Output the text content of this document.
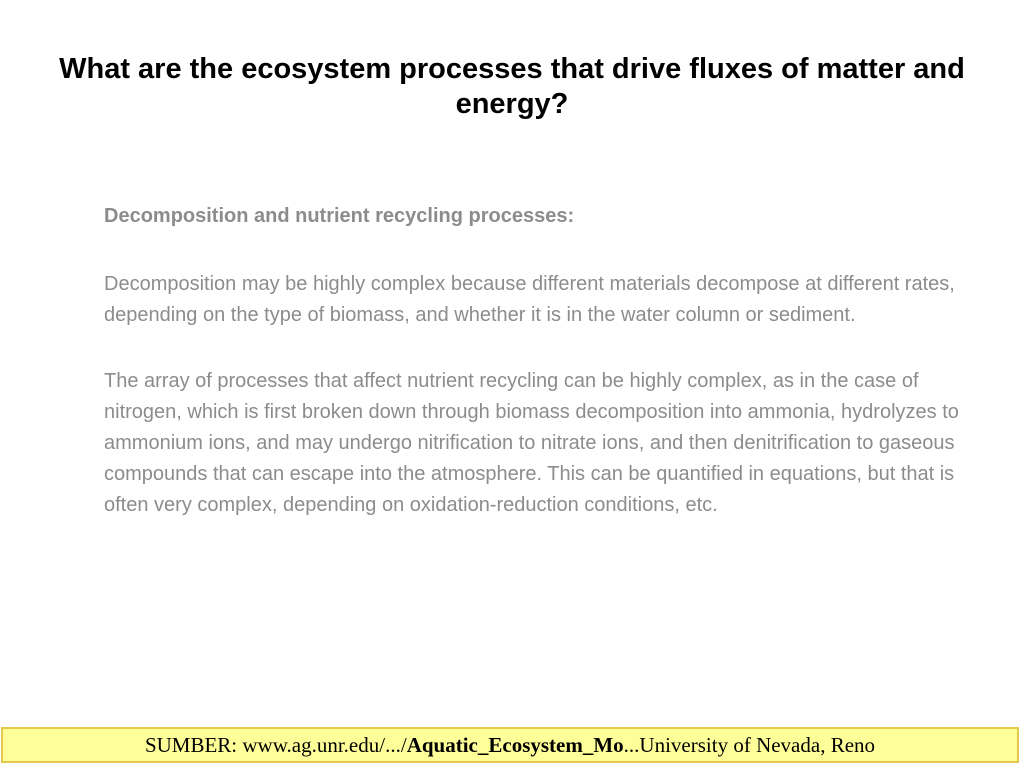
What are the ecosystem processes that drive fluxes of matter and energy?

Decomposition and nutrient recycling processes:

Decomposition may be highly complex because different materials decompose at different rates, depending on the type of biomass, and whether it is in the water column or sediment.

The array of processes that affect nutrient recycling can be highly complex, as in the case of nitrogen, which is first broken down through biomass decomposition into ammonia, hydrolyzes to ammonium ions, and may undergo nitrification to nitrate ions, and then denitrification to gaseous compounds that can escape into the atmosphere. This can be quantified in equations, but that is often very complex, depending on oxidation-reduction conditions, etc.

SUMBER: www.ag.unr.edu/.../Aquatic_Ecosystem_Mo...University of Nevada, Reno
